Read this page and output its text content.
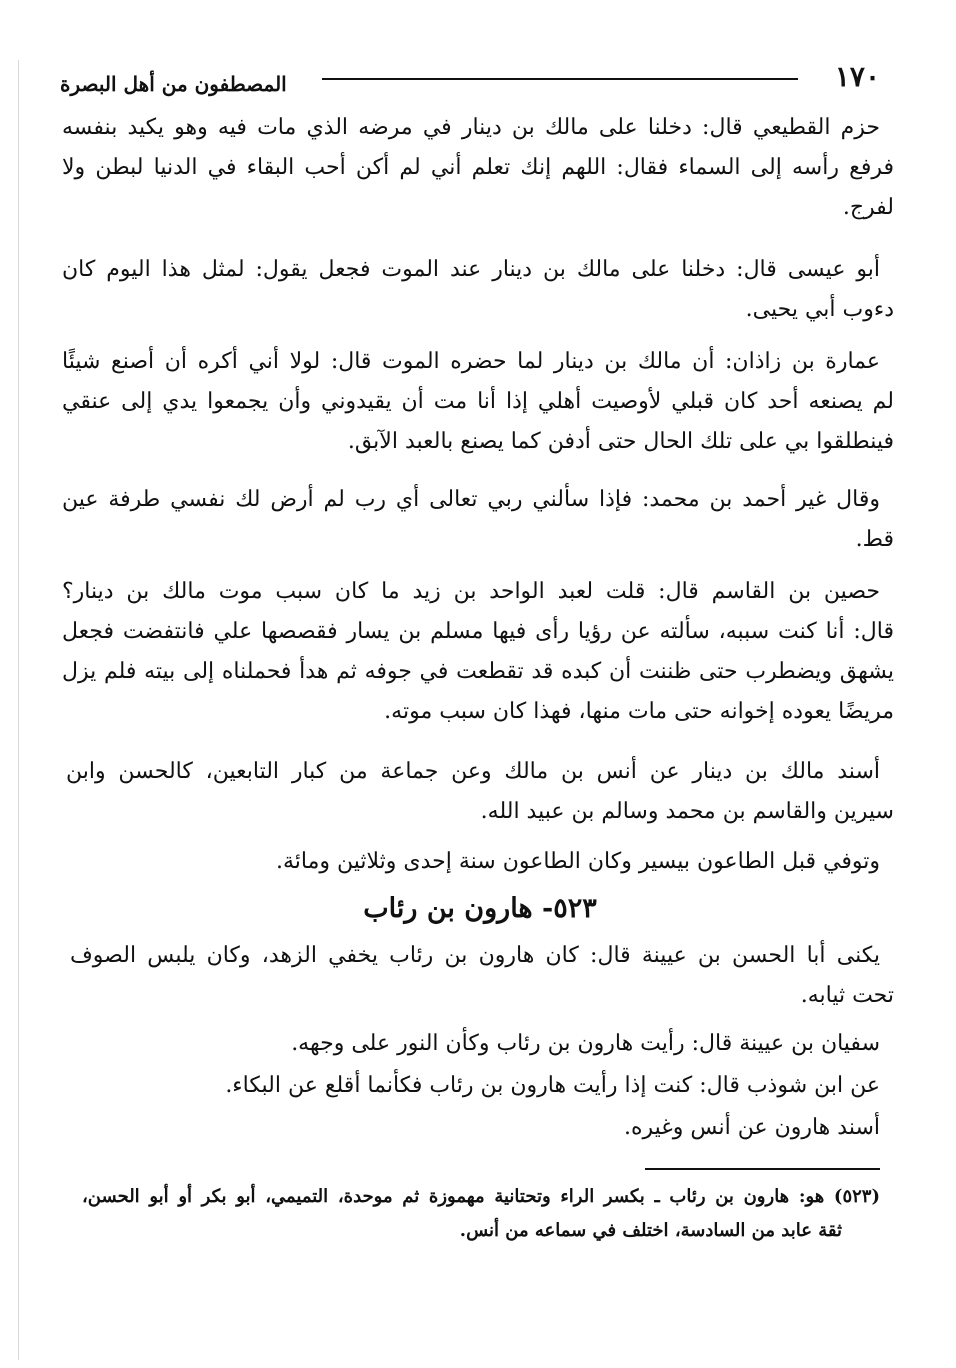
١٧٠
المصطفون من أهل البصرة
حزم القطيعي قال: دخلنا على مالك بن دينار في مرضه الذي مات فيه وهو يكيد بنفسه
فرفع رأسه إلى السماء فقال: اللهم إنك تعلم أني لم أكن أحب البقاء في الدنيا لبطن ولا
لفرج.
أبو عيسى قال: دخلنا على مالك بن دينار عند الموت فجعل يقول: لمثل هذا اليوم كان
دءوب أبي يحيى.
عمارة بن زاذان: أن مالك بن دينار لما حضره الموت قال: لولا أني أكره أن أصنع شيئًا
لم يصنعه أحد كان قبلي لأوصيت أهلي إذا أنا مت أن يقيدوني وأن يجمعوا يدي إلى عنقي
فينطلقوا بي على تلك الحال حتى أدفن كما يصنع بالعبد الآبق.
وقال غير أحمد بن محمد: فإذا سألني ربي تعالى أي رب لم أرض لك نفسي طرفة عين
قط.
حصين بن القاسم قال: قلت لعبد الواحد بن زيد ما كان سبب موت مالك بن دينار؟
قال: أنا كنت سببه، سألته عن رؤيا رأى فيها مسلم بن يسار فقصصها علي فانتفضت فجعل
يشهق ويضطرب حتى ظننت أن كبده قد تقطعت في جوفه ثم هدأ فحملناه إلى بيته فلم يزل
مريضًا يعوده إخوانه حتى مات منها، فهذا كان سبب موته.
أسند مالك بن دينار عن أنس بن مالك وعن جماعة من كبار التابعين، كالحسن وابن
سيرين والقاسم بن محمد وسالم بن عبيد الله.
وتوفي قبل الطاعون بيسير وكان الطاعون سنة إحدى وثلاثين ومائة.
٥٢٣- هارون بن رئاب
يكنى أبا الحسن بن عيينة قال: كان هارون بن رئاب يخفي الزهد، وكان يلبس الصوف
تحت ثيابه.
سفيان بن عيينة قال: رأيت هارون بن رئاب وكأن النور على وجهه.
عن ابن شوذب قال: كنت إذا رأيت هارون بن رئاب فكأنما أقلع عن البكاء.
أسند هارون عن أنس وغيره.
(٥٢٣) هو: هارون بن رئاب ـ بكسر الراء وتحتانية مهموزة ثم موحدة، التميمي، أبو بكر أو أبو الحسن،
ثقة عابد من السادسة، اختلف في سماعه من أنس.
